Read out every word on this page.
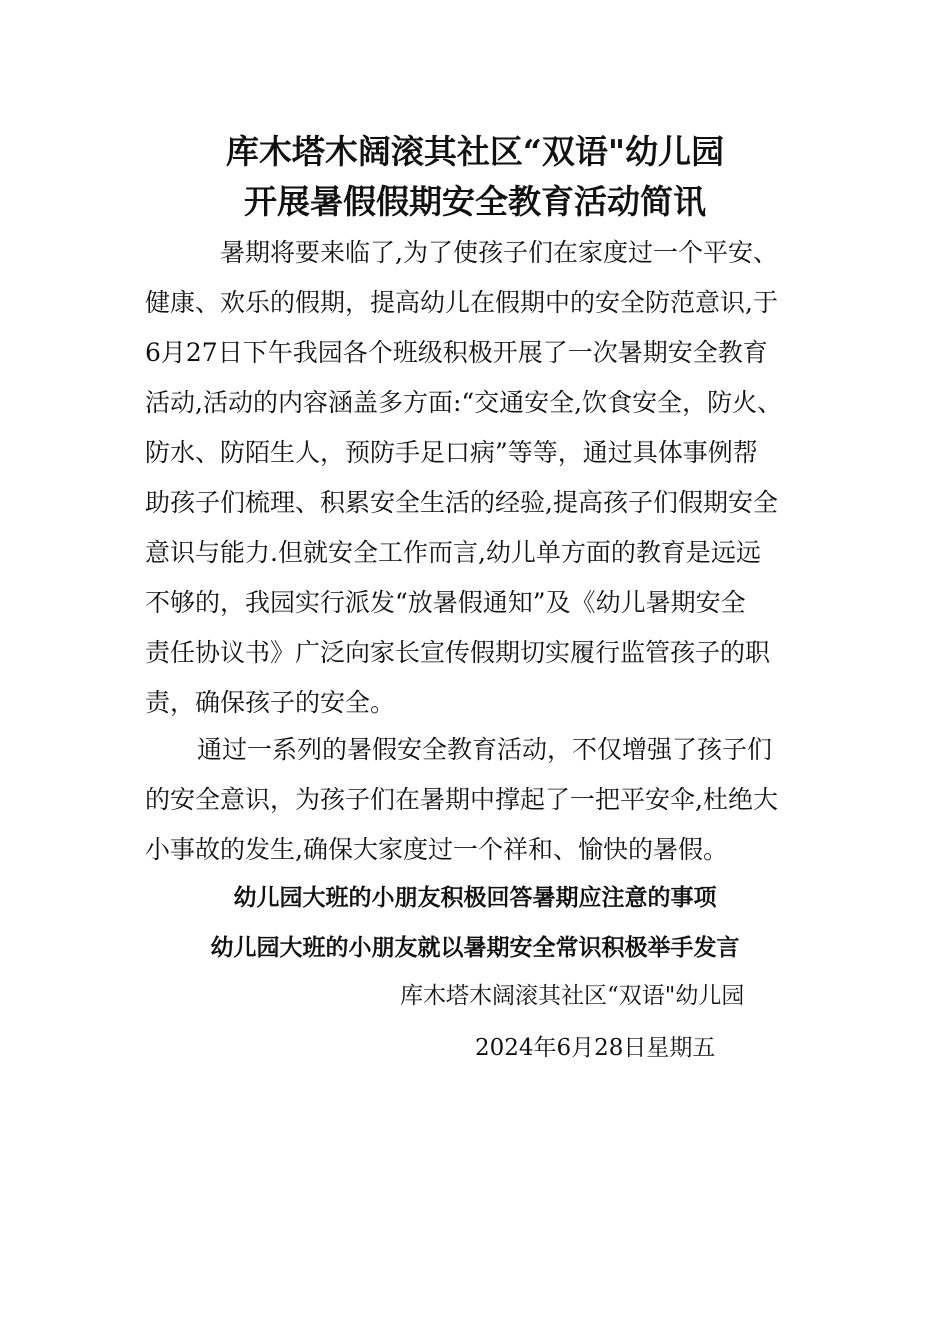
库木塔木阔滚其社区“双语"幼儿园
开展暑假假期安全教育活动简讯
暑期将要来临了,为了使孩子们在家度过一个平安、
健康、欢乐的假期，提高幼儿在假期中的安全防范意识,于
6月27日下午我园各个班级积极开展了一次暑期安全教育
活动,活动的内容涵盖多方面:“交通安全,饮食安全，防火、
防水、防陌生人，预防手足口病”等等，通过具体事例帮
助孩子们梳理、积累安全生活的经验,提高孩子们假期安全
意识与能力.但就安全工作而言,幼儿单方面的教育是远远
不够的，我园实行派发“放暑假通知”及《幼儿暑期安全
责任协议书》广泛向家长宣传假期切实履行监管孩子的职
责，确保孩子的安全。
通过一系列的暑假安全教育活动，不仅增强了孩子们
的安全意识，为孩子们在暑期中撑起了一把平安伞,杜绝大
小事故的发生,确保大家度过一个祥和、愉快的暑假。
幼儿园大班的小朋友积极回答暑期应注意的事项
幼儿园大班的小朋友就以暑期安全常识积极举手发言
库木塔木阔滚其社区“双语"幼儿园
2024年6月28日星期五
